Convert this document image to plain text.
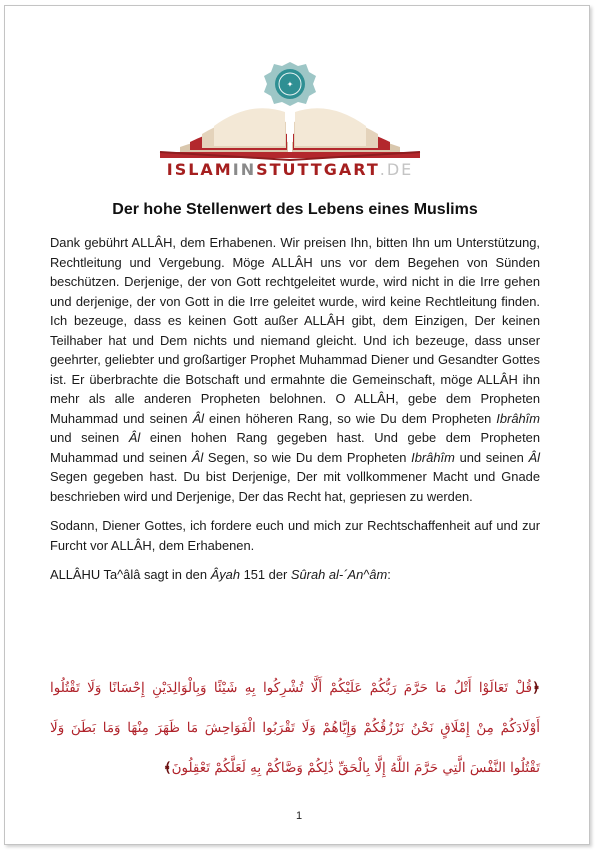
✦
ISLAMINSTUTTGART.DE
Der hohe Stellenwert des Lebens eines Muslims

Dank gebührt ALLÂH, dem Erhabenen. Wir preisen Ihn, bitten Ihn um Unterstützung, Rechtleitung und Vergebung. Möge ALLÂH uns vor dem Begehen von Sünden beschützen. Derjenige, der von Gott rechtgeleitet wurde, wird nicht in die Irre gehen und derjenige, der von Gott in die Irre geleitet wurde, wird keine Rechtleitung finden. Ich bezeuge, dass es keinen Gott außer ALLÂH gibt, dem Einzigen, Der keinen Teilhaber hat und Dem nichts und niemand gleicht. Und ich bezeuge, dass unser geehrter, geliebter und großartiger Prophet Muhammad Diener und Gesandter Gottes ist. Er überbrachte die Botschaft und ermahnte die Gemeinschaft, möge ALLÂH ihn mehr als alle anderen Propheten belohnen. O ALLÂH, gebe dem Propheten Muhammad und seinen Âl einen höheren Rang, so wie Du dem Propheten Ibrâhîm und seinen Âl einen hohen Rang gegeben hast. Und gebe dem Propheten Muhammad und seinen Âl Segen, so wie Du dem Propheten Ibrâhîm und seinen Âl Segen gegeben hast. Du bist Derjenige, Der mit vollkommener Macht und Gnade beschrieben wird und Derjenige, Der das Recht hat, gepriesen zu werden.

Sodann, Diener Gottes, ich fordere euch und mich zur Rechtschaffenheit auf und zur Furcht vor ALLÂH, dem Erhabenen.

ALLÂHU Ta^âlâ sagt in den Âyah 151 der Sûrah al-´An^âm:

﴿قُلْ تَعَالَوْا أَتْلُ مَا حَرَّمَ رَبُّكُمْ عَلَيْكُمْ أَلَّا تُشْرِكُوا بِهِ شَيْئًا وَبِالْوَالِدَيْنِ إِحْسَانًا وَلَا تَقْتُلُوا أَوْلَادَكُمْ مِنْ إِمْلَاقٍ نَحْنُ نَرْزُقُكُمْ وَإِيَّاهُمْ وَلَا تَقْرَبُوا الْفَوَاحِشَ مَا ظَهَرَ مِنْهَا وَمَا بَطَنَ وَلَا تَقْتُلُوا النَّفْسَ الَّتِي حَرَّمَ اللَّهُ إِلَّا بِالْحَقِّ ذَٰلِكُمْ وَصَّاكُمْ بِهِ لَعَلَّكُمْ تَعْقِلُونَ﴾
1
